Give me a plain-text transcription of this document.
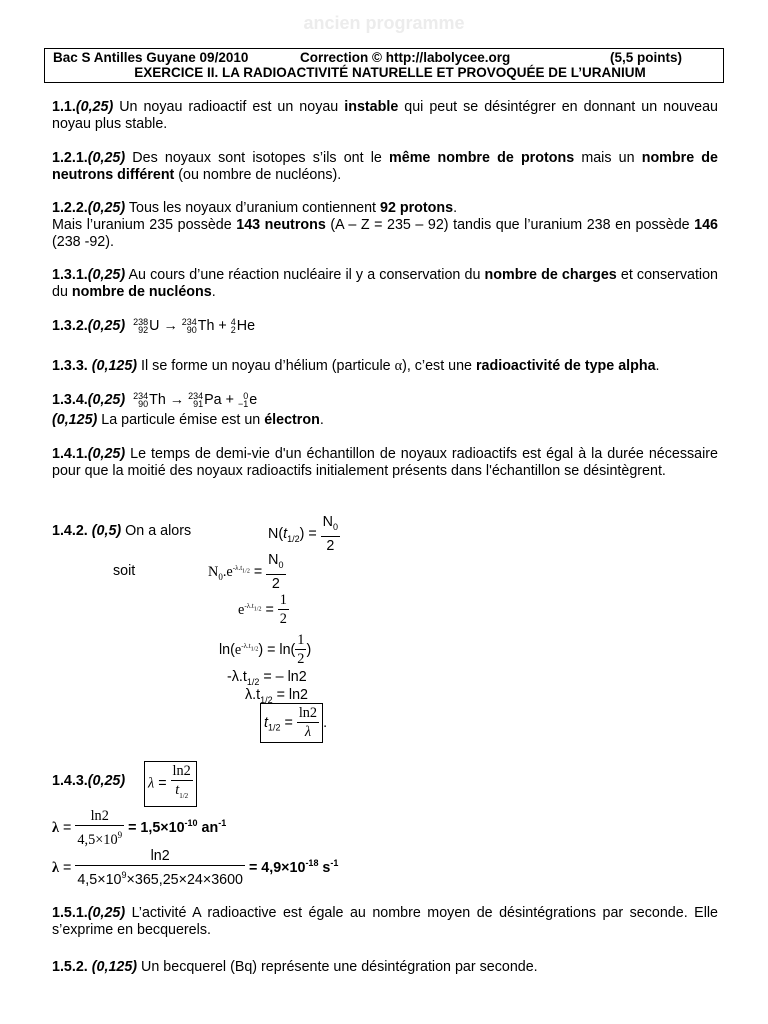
ancien programme
Bac S Antilles Guyane 09/2010	Correction © http://labolycee.org	(5,5 points)
EXERCICE II. LA RADIOACTIVITÉ NATURELLE ET PROVOQUÉE DE L’URANIUM

1.1.(0,25) Un noyau radioactif est un noyau instable qui peut se désintégrer en donnant un nouveau noyau plus stable.

1.2.1.(0,25) Des noyaux sont isotopes s’ils ont le même nombre de protons mais un nombre de neutrons différent (ou nombre de nucléons).

1.2.2.(0,25) Tous les noyaux d’uranium contiennent 92 protons.
Mais l’uranium 235 possède 143 neutrons (A – Z = 235 – 92) tandis que l’uranium 238 en possède 146 (238 -92).

1.3.1.(0,25) Au cours d’une réaction nucléaire il y a conservation du nombre de charges et conservation du nombre de nucléons.

1.3.2.(0,25) 238
92 U → 234
90 Th + 4
2 He

1.3.3. (0,125) Il se forme un noyau d’hélium (particule α), c’est une radioactivité de type alpha.

1.3.4.(0,25) 234
90 Th → 234
91 Pa +	0
−1 e

(0,125) La particule émise est un électron.

1.4.1.(0,25) Le temps de demi-vie d'un échantillon de noyaux radioactifs est égal à la durée nécessaire pour que la moitié des noyaux radioactifs initialement présents dans l'échantillon se désintègrent.

1.4.2. (0,5) On a alors	$N(t_{1/2}) = \frac{N_0}{2}$
soit	$N_0.e^{-\lambda.t_{1/2}} = \frac{N_0}{2}$
$e^{-\lambda.t_{1/2}} = \frac{1}{2}$
$\ln(e^{-\lambda.t_{1/2}}) = \ln( \frac{1}{2}$ )
$-\lambda.t_{1/2}$ = – ln2
$\lambda.t_{1/2} = \ln 2$
$t_{1/2} = \frac{\ln 2}{\lambda}$ .
1.4.3.(0,25) $\lambda = \frac{\ln 2}{t_{1/2}}$
$\lambda = \frac{\ln 2}{4,5\times 10^9} = 1,5\times 10^{-10}$ $an^{-1}$
$\lambda = \frac{\ln 2}{4,5\times 10^9\times 365,25\times 24\times 3600} = 4,9\times 10^{-18}$ $s^{-1}$

1.5.1.(0,25) L’activité A radioactive est égale au nombre moyen de désintégrations par seconde. Elle s’exprime en becquerels.

1.5.2. (0,125) Un becquerel (Bq) représente une désintégration par seconde.
